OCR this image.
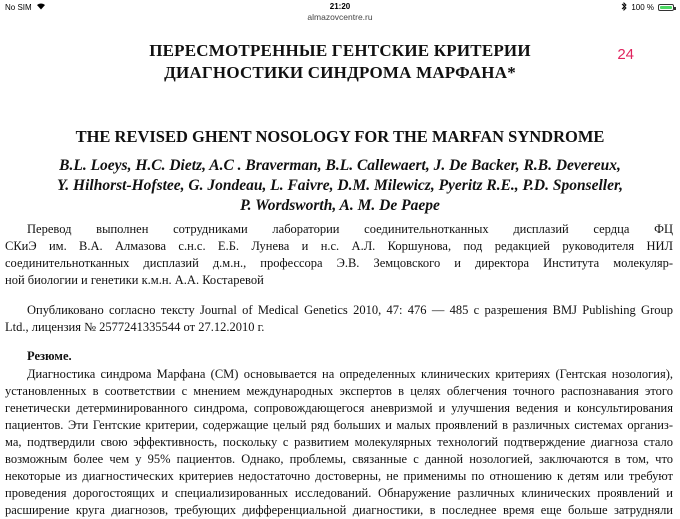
No SIM	21:20	100 %
almazovcentre.ru
24
ПЕРЕСМОТРЕННЫЕ ГЕНТСКИЕ КРИТЕРИИ
ДИАГНОСТИКИ СИНДРОМА МАРФАНА*
THE REVISED GHENT NOSOLOGY FOR THE MARFAN SYNDROME
B.L. Loeys, H.C. Dietz, A.C . Braverman, B.L. Callewaert, J. De Backer, R.B. Devereux,
Y. Hilhorst-Hofstee, G. Jondeau, L. Faivre, D.M. Milewicz, Pyeritz R.E., P.D. Sponseller,
P. Wordsworth, A. M. De Paepe
Перевод выполнен сотрудниками лаборатории соединительнотканных дисплазий сердца ФЦ
СКиЭ им. В.А. Алмазова с.н.с. Е.Б. Лунева и н.с. А.Л. Коршунова, под редакцией руководителя НИЛ
соединительнотканных дисплазий д.м.н., профессора Э.В. Земцовского и директора Института молекуляр-
ной биологии и генетики к.м.н. А.А. Костаревой
Опубликовано согласно тексту Journal of Medical Genetics 2010, 47: 476 — 485 с разрешения BMJ Publishing Group
Ltd., лицензия № 2577241335544 от 27.12.2010 г.
Резюме.
Диагностика синдрома Марфана (СМ) основывается на определенных клинических критериях (Гентская нозология),
установленных в соответствии с мнением международных экспертов в целях облегчения точного распознавания этого
генетически детерминированного синдрома, сопровождающегося аневризмой и улучшения ведения и консультирования
пациентов. Эти Гентские критерии, содержащие целый ряд больших и малых проявлений в различных системах организ-
ма, подтвердили свою эффективность, поскольку с развитием молекулярных технологий подтверждение диагноза стало
возможным более чем у 95% пациентов. Однако, проблемы, связанные с данной нозологией, заключаются в том, что
некоторые из диагностических критериев недостаточно достоверны, не применимы по отношению к детям или требуют
проведения дорогостоящих и специализированных исследований. Обнаружение различных клинических проявлений и
расширение круга диагнозов, требующих дифференциальной диагностики, в последнее время еще больше затрудняли
